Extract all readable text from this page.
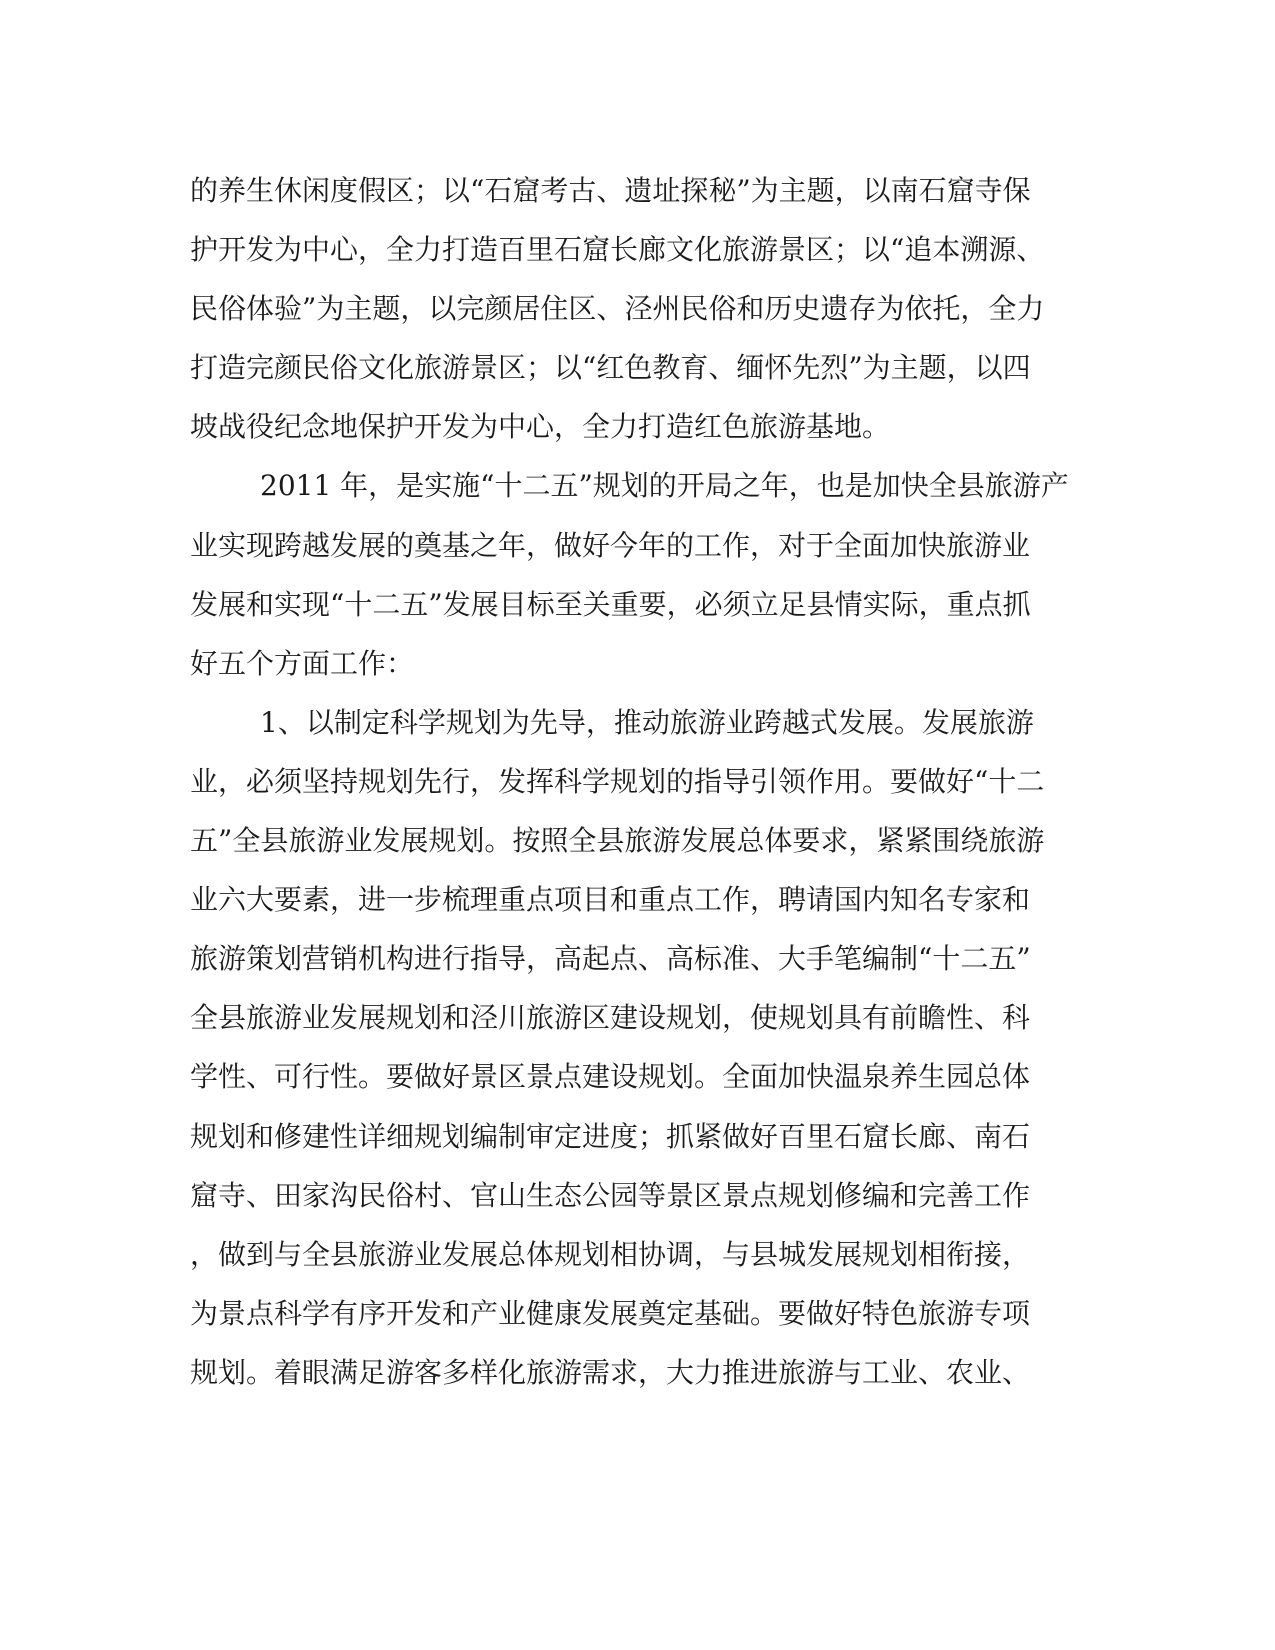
的养生休闲度假区；以“石窟考古、遗址探秘”为主题，以南石窟寺保
护开发为中心，全力打造百里石窟长廊文化旅游景区；以“追本溯源、
民俗体验”为主题，以完颜居住区、泾州民俗和历史遗存为依托，全力
打造完颜民俗文化旅游景区；以“红色教育、缅怀先烈”为主题，以四
坡战役纪念地保护开发为中心，全力打造红色旅游基地。
2011 年，是实施“十二五”规划的开局之年，也是加快全县旅游产
业实现跨越发展的奠基之年，做好今年的工作，对于全面加快旅游业
发展和实现“十二五”发展目标至关重要，必须立足县情实际，重点抓
好五个方面工作：
1、以制定科学规划为先导，推动旅游业跨越式发展。发展旅游
业，必须坚持规划先行，发挥科学规划的指导引领作用。要做好“十二
五”全县旅游业发展规划。按照全县旅游发展总体要求，紧紧围绕旅游
业六大要素，进一步梳理重点项目和重点工作，聘请国内知名专家和
旅游策划营销机构进行指导，高起点、高标准、大手笔编制“十二五”
全县旅游业发展规划和泾川旅游区建设规划，使规划具有前瞻性、科
学性、可行性。要做好景区景点建设规划。全面加快温泉养生园总体
规划和修建性详细规划编制审定进度；抓紧做好百里石窟长廊、南石
窟寺、田家沟民俗村、官山生态公园等景区景点规划修编和完善工作
，做到与全县旅游业发展总体规划相协调，与县城发展规划相衔接，
为景点科学有序开发和产业健康发展奠定基础。要做好特色旅游专项
规划。着眼满足游客多样化旅游需求，大力推进旅游与工业、农业、
